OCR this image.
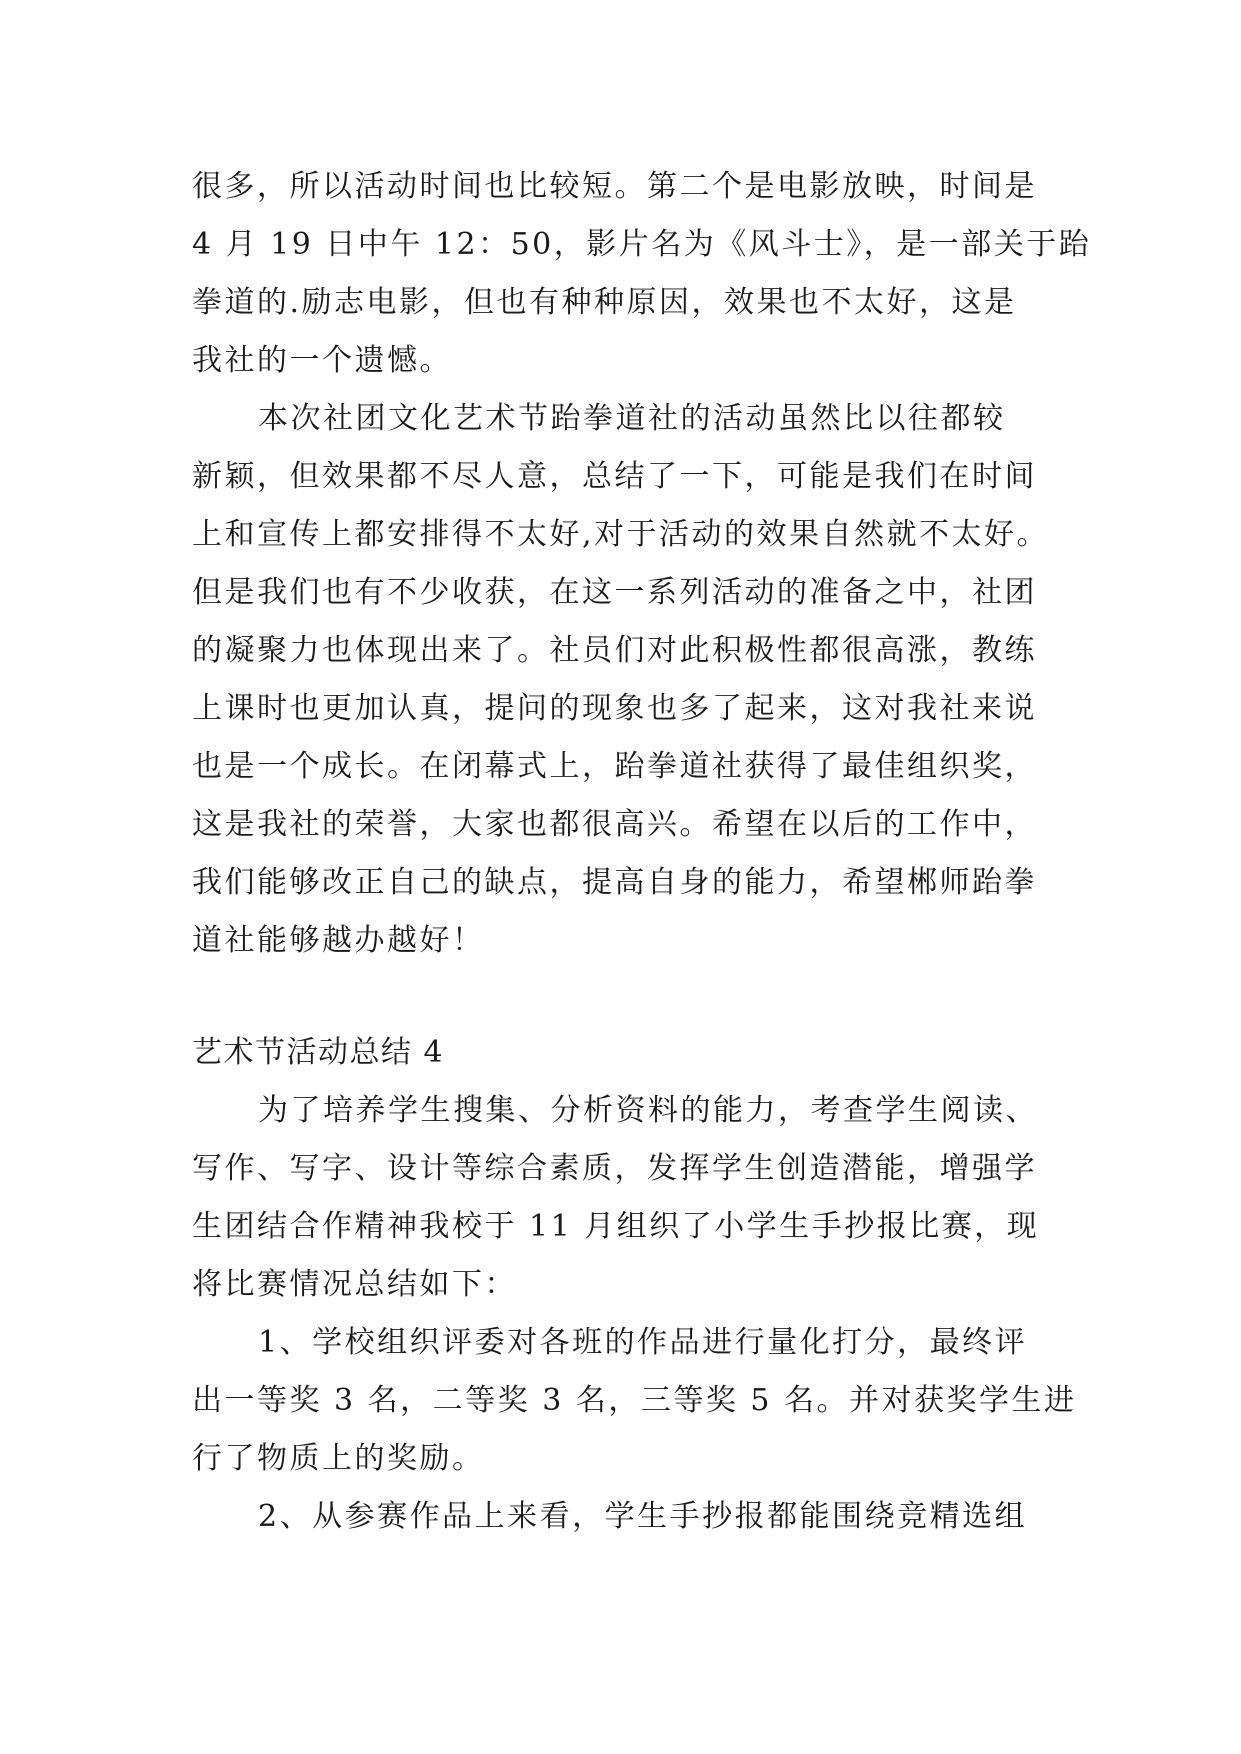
很多，所以活动时间也比较短。第二个是电影放映，时间是
4 月 19 日中午 12：50，影片名为《风斗士》，是一部关于跆
拳道的.励志电影，但也有种种原因，效果也不太好，这是
我社的一个遗憾。
本次社团文化艺术节跆拳道社的活动虽然比以往都较
新颖，但效果都不尽人意，总结了一下，可能是我们在时间
上和宣传上都安排得不太好,对于活动的效果自然就不太好。
但是我们也有不少收获，在这一系列活动的准备之中，社团
的凝聚力也体现出来了。社员们对此积极性都很高涨，教练
上课时也更加认真，提问的现象也多了起来，这对我社来说
也是一个成长。在闭幕式上，跆拳道社获得了最佳组织奖，
这是我社的荣誉，大家也都很高兴。希望在以后的工作中，
我们能够改正自己的缺点，提高自身的能力，希望郴师跆拳
道社能够越办越好！
艺术节活动总结 4
为了培养学生搜集、分析资料的能力，考查学生阅读、
写作、写字、设计等综合素质，发挥学生创造潜能，增强学
生团结合作精神我校于 11 月组织了小学生手抄报比赛，现
将比赛情况总结如下：
1、学校组织评委对各班的作品进行量化打分，最终评
出一等奖 3 名，二等奖 3 名，三等奖 5 名。并对获奖学生进
行了物质上的奖励。
2、从参赛作品上来看，学生手抄报都能围绕竞精选组
